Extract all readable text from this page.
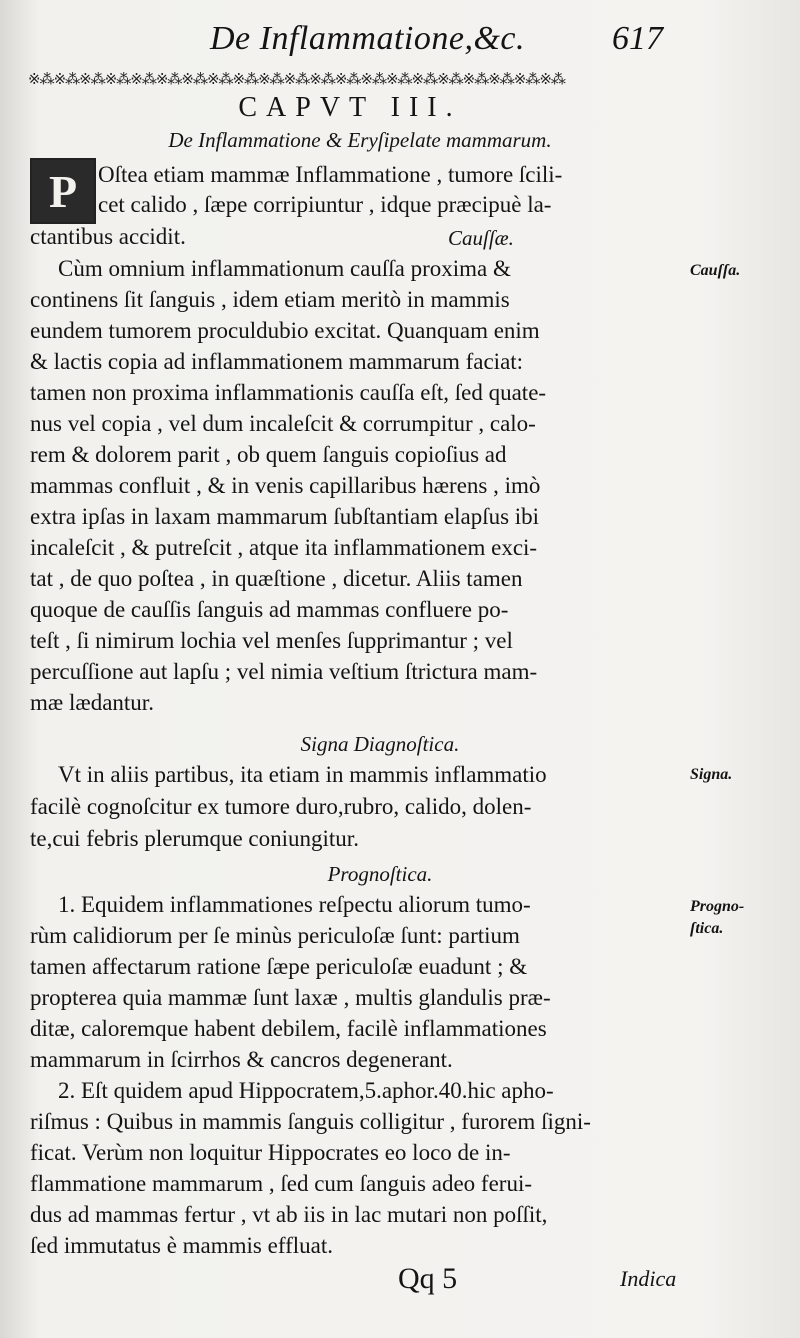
De Inflammatione,&c.	617
※⁂※⁂※⁂※⁂※⁂※⁂※⁂※⁂※⁂※⁂※⁂※⁂※⁂※⁂※⁂※⁂※⁂※⁂※⁂※⁂※⁂
CAPVT III.
De Inflammatione & Eryſipelate mammarum.
P Oſtea etiam mammæ Inflammatione , tumore ſcili-
cet calido , ſæpe corripiuntur , idque præcipuè la-
ctantibus accidit.	Cauſſæ.
Cùm omnium inflammationum cauſſa proxima &
continens ſit ſanguis , idem etiam meritò in mammis
eundem tumorem proculdubio excitat. Quanquam enim
& lactis copia ad inflammationem mammarum faciat:
tamen non proxima inflammationis cauſſa eſt, ſed quate-
nus vel copia , vel dum incaleſcit & corrumpitur , calo-
rem & dolorem parit , ob quem ſanguis copioſius ad
mammas confluit , & in venis capillaribus hærens , imò
extra ipſas in laxam mammarum ſubſtantiam elapſus ibi
incaleſcit , & putreſcit , atque ita inflammationem exci-
tat , de quo poſtea , in quæſtione , dicetur. Aliis tamen
quoque de cauſſis ſanguis ad mammas confluere po-
teſt , ſi nimirum lochia vel menſes ſupprimantur ; vel
percuſſione aut lapſu ; vel nimia veſtium ſtrictura mam-
mæ lædantur.
Signa Diagnoſtica.
Vt in aliis partibus, ita etiam in mammis inflammatio
facilè cognoſcitur ex tumore duro,rubro, calido, dolen-
te,cui febris plerumque coniungitur.
Prognoſtica.
1. Equidem inflammationes reſpectu aliorum tumo-
rùm calidiorum per ſe minùs periculoſæ ſunt: partium
tamen affectarum ratione ſæpe periculoſæ euadunt ; &
propterea quia mammæ ſunt laxæ , multis glandulis præ-
ditæ, caloremque habent debilem, facilè inflammationes
mammarum in ſcirrhos & cancros degenerant.
2. Eſt quidem apud Hippocratem,5.aphor.40.hic apho-
riſmus : Quibus in mammis ſanguis colligitur , furorem ſigni-
ficat. Verùm non loquitur Hippocrates eo loco de in-
flammatione mammarum , ſed cum ſanguis adeo ferui-
dus ad mammas fertur , vt ab iis in lac mutari non poſſit,
ſed immutatus è mammis effluat.
Cauſſa.
Signa.
Progno-
ſtica.
Qq 5	Indica
